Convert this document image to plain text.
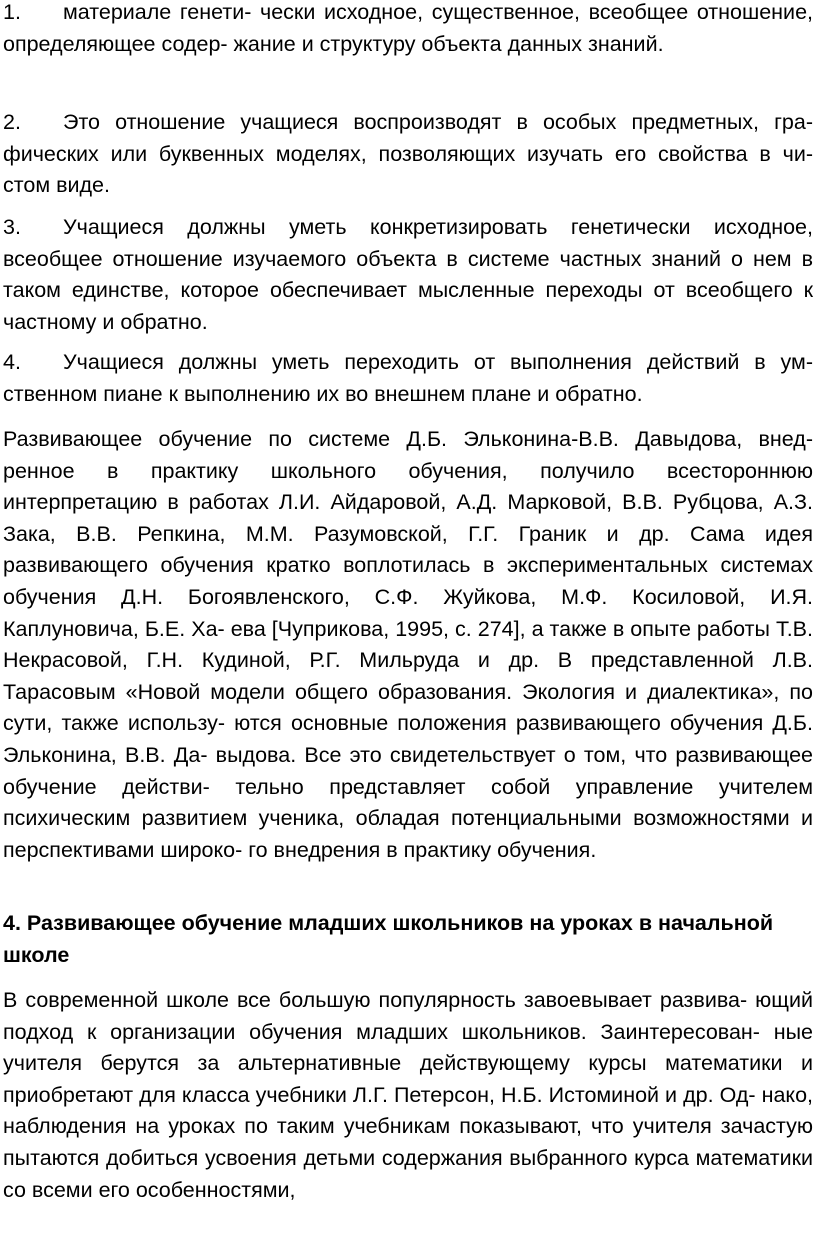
1. материале генети- чески исходное, существенное, всеобщее отношение, определяющее содер- жание и структуру объекта данных знаний.

2. Это отношение учащиеся воспроизводят в особых предметных, гра- фических или буквенных моделях, позволяющих изучать его свойства в чи- стом виде.

3. Учащиеся должны уметь конкретизировать генетически исходное, всеобщее отношение изучаемого объекта в системе частных знаний о нем в таком единстве, которое обеспечивает мысленные переходы от всеобщего к частному и обратно.

4. Учащиеся должны уметь переходить от выполнения действий в ум- ственном пиане к выполнению их во внешнем плане и обратно.

Развивающее обучение по системе Д.Б. Эльконина-В.В. Давыдова, внед- ренное в практику школьного обучения, получило всестороннюю интерпретацию в работах Л.И. Айдаровой, А.Д. Марковой, В.В. Рубцова, А.З. Зака, В.В. Репкина, М.М. Разумовской, Г.Г. Граник и др. Сама идея развивающего обучения кратко воплотилась в экспериментальных системах обучения Д.Н. Богоявленского, С.Ф. Жуйкова, М.Ф. Косиловой, И.Я. Каплуновича, Б.Е. Ха- ева [Чуприкова, 1995, с. 274], а также в опыте работы Т.В. Некрасовой, Г.Н. Кудиной, Р.Г. Мильруда и др. В представленной Л.В. Тарасовым «Новой модели общего образования. Экология и диалектика», по сути, также использу- ются основные положения развивающего обучения Д.Б. Эльконина, В.В. Да- выдова. Все это свидетельствует о том, что развивающее обучение действи- тельно представляет собой управление учителем психическим развитием ученика, обладая потенциальными возможностями и перспективами широко- го внедрения в практику обучения.

4. Развивающее обучение младших школьников на уроках в начальной школе

В современной школе все большую популярность завоевывает развива- ющий подход к организации обучения младших школьников. Заинтересован- ные учителя берутся за альтернативные действующему курсы математики и приобретают для класса учебники Л.Г. Петерсон, Н.Б. Истоминой и др. Од- нако, наблюдения на уроках по таким учебникам показывают, что учителя зачастую пытаются добиться усвоения детьми содержания выбранного курса математики со всеми его особенностями,
